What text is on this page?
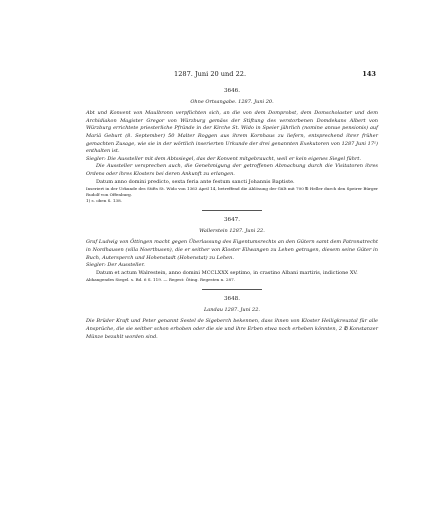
1287. Juni 20 und 22.	143

3646.

Ohne Ortsangabe. 1287. Juni 20.

Abt und Konvent von Maulbronn verpflichten sich, an die von dem Domprobst, dem Domscholaster und dem Archidiakon Magister Gregor von Würzburg gemäss der Stiftung des verstorbenen Domdekans Albert von Würzburg errichtete priesterliche Pfründe in der Kirche St. Wido in Speier jährlich (nomine annue pensionis) auf Mariä Geburt (8. September) 50 Malter Roggen aus ihrem Kornhaus zu liefern, entsprechend ihrer früher gemachten Zusage, wie sie in der wörtlich inserierten Urkunde der drei genannten Exekutoren von 1287 Juni 17¹) enthalten ist.

Siegler: Die Aussteller mit dem Abtssiegel, das der Konvent mitgebraucht, weil er kein eigenes Siegel führt.

Die Aussteller versprechen auch, die Genehmigung der getroffenen Abmachung durch die Visitatoren ihres Ordens oder ihres Klosters bei deren Ankunft zu erlangen.

Datum anno domini predicto, sexta feria ante festum sancti Johannis Baptiste.

Inseriert in der Urkunde des Stifts St. Wido von 1363 April 14, betreffend die Ablösung der Gült mit 700 ℔ Heller durch den Speirer Bürger Rudolf von Offenburg.

1) s. oben S. 138.

3647.

Wallerstein 1287. Juni 22.

Graf Ludwig von Öttingen macht gegen Überlassung des Eigentumsrechts an den Gütern samt dem Patronatrecht in Nordhausen (villa Noerthusen), die er seither von Kloster Ellwangen zu Lehen getragen, diesem seine Güter in Buch, Autersperch und Hohenstadt (Hohenstat) zu Lehen.

Siegler: Der Aussteller.

Datum et actum Walrestein, anno domini MCCLXXX septimo, in crastino Albani martiris, indictione XV.

Abhangendes Siegel. s. Bd. 6 S. 119. — Regest: Öting. Regesten n. 287.

3648.

Landau 1287. Juni 22.

Die Brüder Kraft und Peter genannt Sestel de Sigeberch bekennen, dass ihnen von Kloster Heiligkreuztal für alle Ansprüche, die sie seither schon erhoben oder die sie und ihre Erben etwa noch erheben könnten, 2 ℔ Konstanzer Münze bezahlt worden sind.
